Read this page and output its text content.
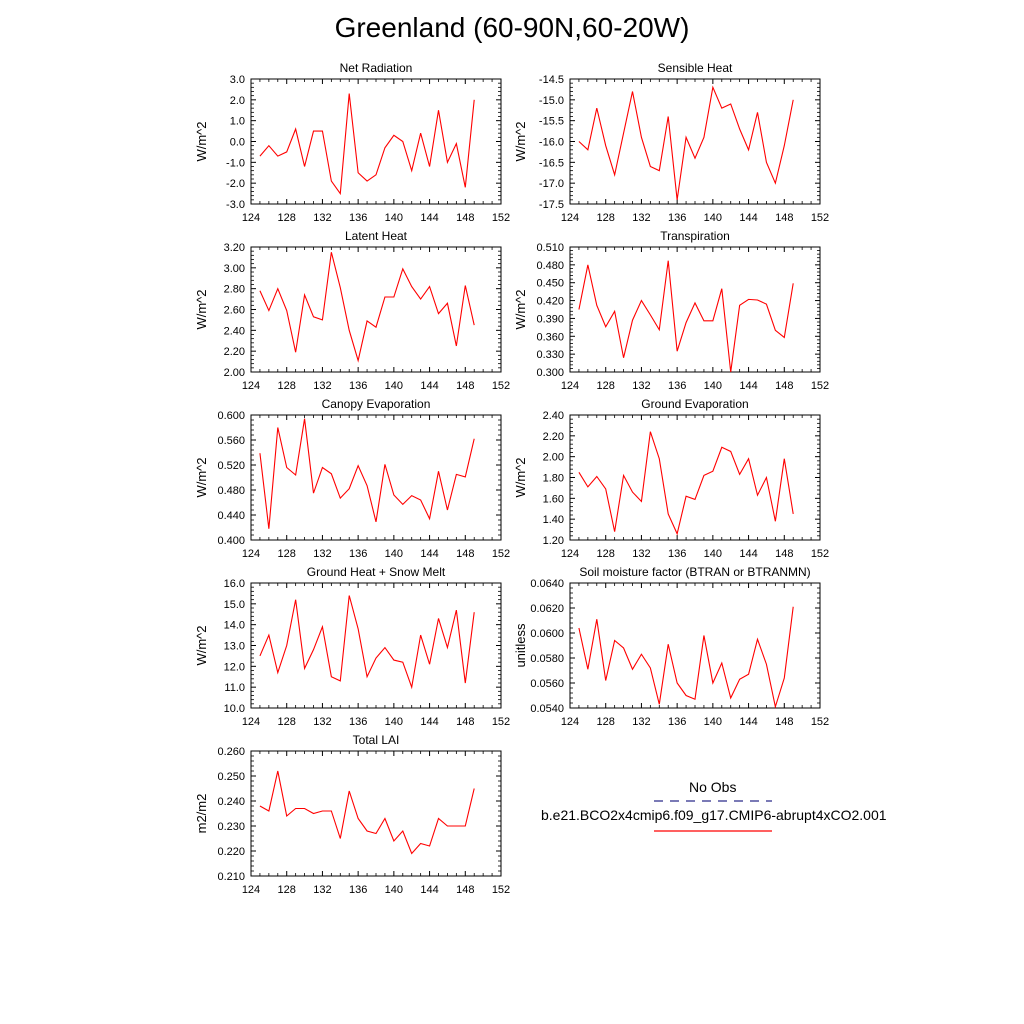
Greenland (60-90N,60-20W)
124 128 132 136 140 144 148 152
-3.0
-2.0
-1.0
0.0
1.0
2.0
3.0
Net Radiation
W/m^2
124 128 132 136 140 144 148 152
-17.5
-17.0
-16.5
-16.0
-15.5
-15.0
-14.5
Sensible Heat
W/m^2
124 128 132 136 140 144 148 152
2.00
2.20
2.40
2.60
2.80
3.00
3.20
Latent Heat
W/m^2
124 128 132 136 140 144 148 152
0.300
0.330
0.360
0.390
0.420
0.450
0.480
0.510
Transpiration
W/m^2
124 128 132 136 140 144 148 152
0.400
0.440
0.480
0.520
0.560
0.600
Canopy Evaporation
W/m^2
124 128 132 136 140 144 148 152
1.20
1.40
1.60
1.80
2.00
2.20
2.40
Ground Evaporation
W/m^2
124 128 132 136 140 144 148 152
10.0
11.0
12.0
13.0
14.0
15.0
16.0
Ground Heat + Snow Melt
W/m^2
124 128 132 136 140 144 148 152
0.0540
0.0560
0.0580
0.0600
0.0620
0.0640
Soil moisture factor (BTRAN or BTRANMN)
unitless
124 128 132 136 140 144 148 152
0.210
0.220
0.230
0.240
0.250
0.260
Total LAI
m2/m2
No Obs
b.e21.BCO2x4cmip6.f09_g17.CMIP6-abrupt4xCO2.001
